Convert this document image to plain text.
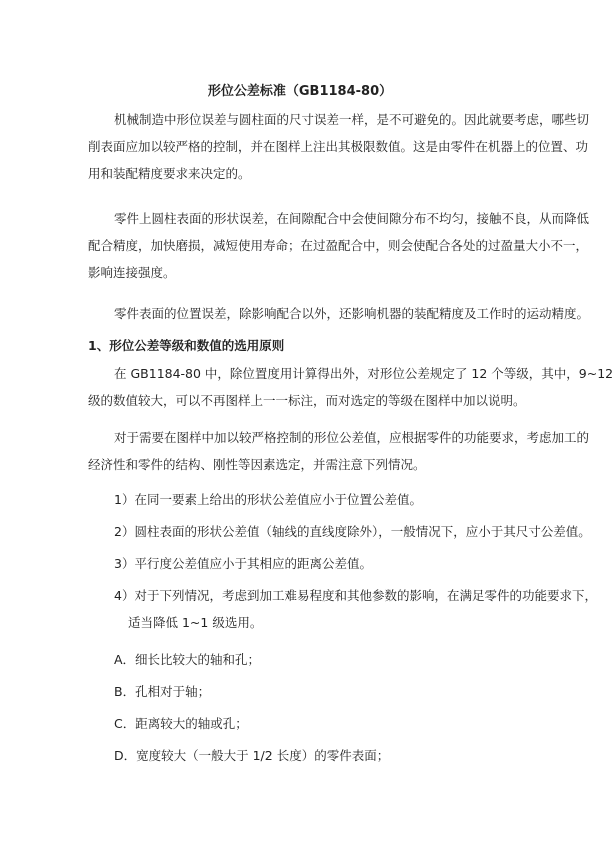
形位公差标准（GB1184-80）
机械制造中形位误差与圆柱面的尺寸误差一样，是不可避免的。因此就要考虑，哪些切
削表面应加以较严格的控制，并在图样上注出其极限数值。这是由零件在机器上的位置、功
用和装配精度要求来决定的。
零件上圆柱表面的形状误差，在间隙配合中会使间隙分布不均匀，接触不良，从而降低
配合精度，加快磨损，减短使用寿命；在过盈配合中，则会使配合各处的过盈量大小不一，
影响连接强度。
零件表面的位置误差，除影响配合以外，还影响机器的装配精度及工作时的运动精度。
1、形位公差等级和数值的选用原则
在 GB1184-80 中，除位置度用计算得出外，对形位公差规定了 12 个等级，其中，9~12
级的数值较大，可以不再图样上一一标注，而对选定的等级在图样中加以说明。
对于需要在图样中加以较严格控制的形位公差值，应根据零件的功能要求，考虑加工的
经济性和零件的结构、刚性等因素选定，并需注意下列情况。
1）在同一要素上给出的形状公差值应小于位置公差值。
2）圆柱表面的形状公差值（轴线的直线度除外），一般情况下，应小于其尺寸公差值。
3）平行度公差值应小于其相应的距离公差值。
4）对于下列情况，考虑到加工难易程度和其他参数的影响，在满足零件的功能要求下，
适当降低 1~1 级选用。
A．细长比较大的轴和孔；
B．孔相对于轴；
C．距离较大的轴或孔；
D．宽度较大（一般大于 1/2 长度）的零件表面；
